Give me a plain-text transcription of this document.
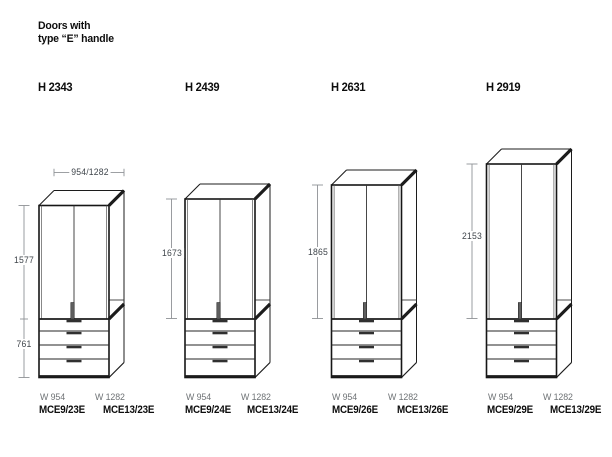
Doors with
type “E” handle
H 2343	H 2439	H 2631	H 2919
954/1282
1577
761
1673	1865
2153
W 954	W 1282	W 954	W 1282	W 954	W 1282	W 954	W 1282
MCE9/23E MCE13/23E	MCE9/24E MCE13/24E	MCE9/26E MCE13/26E	MCE9/29E MCE13/29E
